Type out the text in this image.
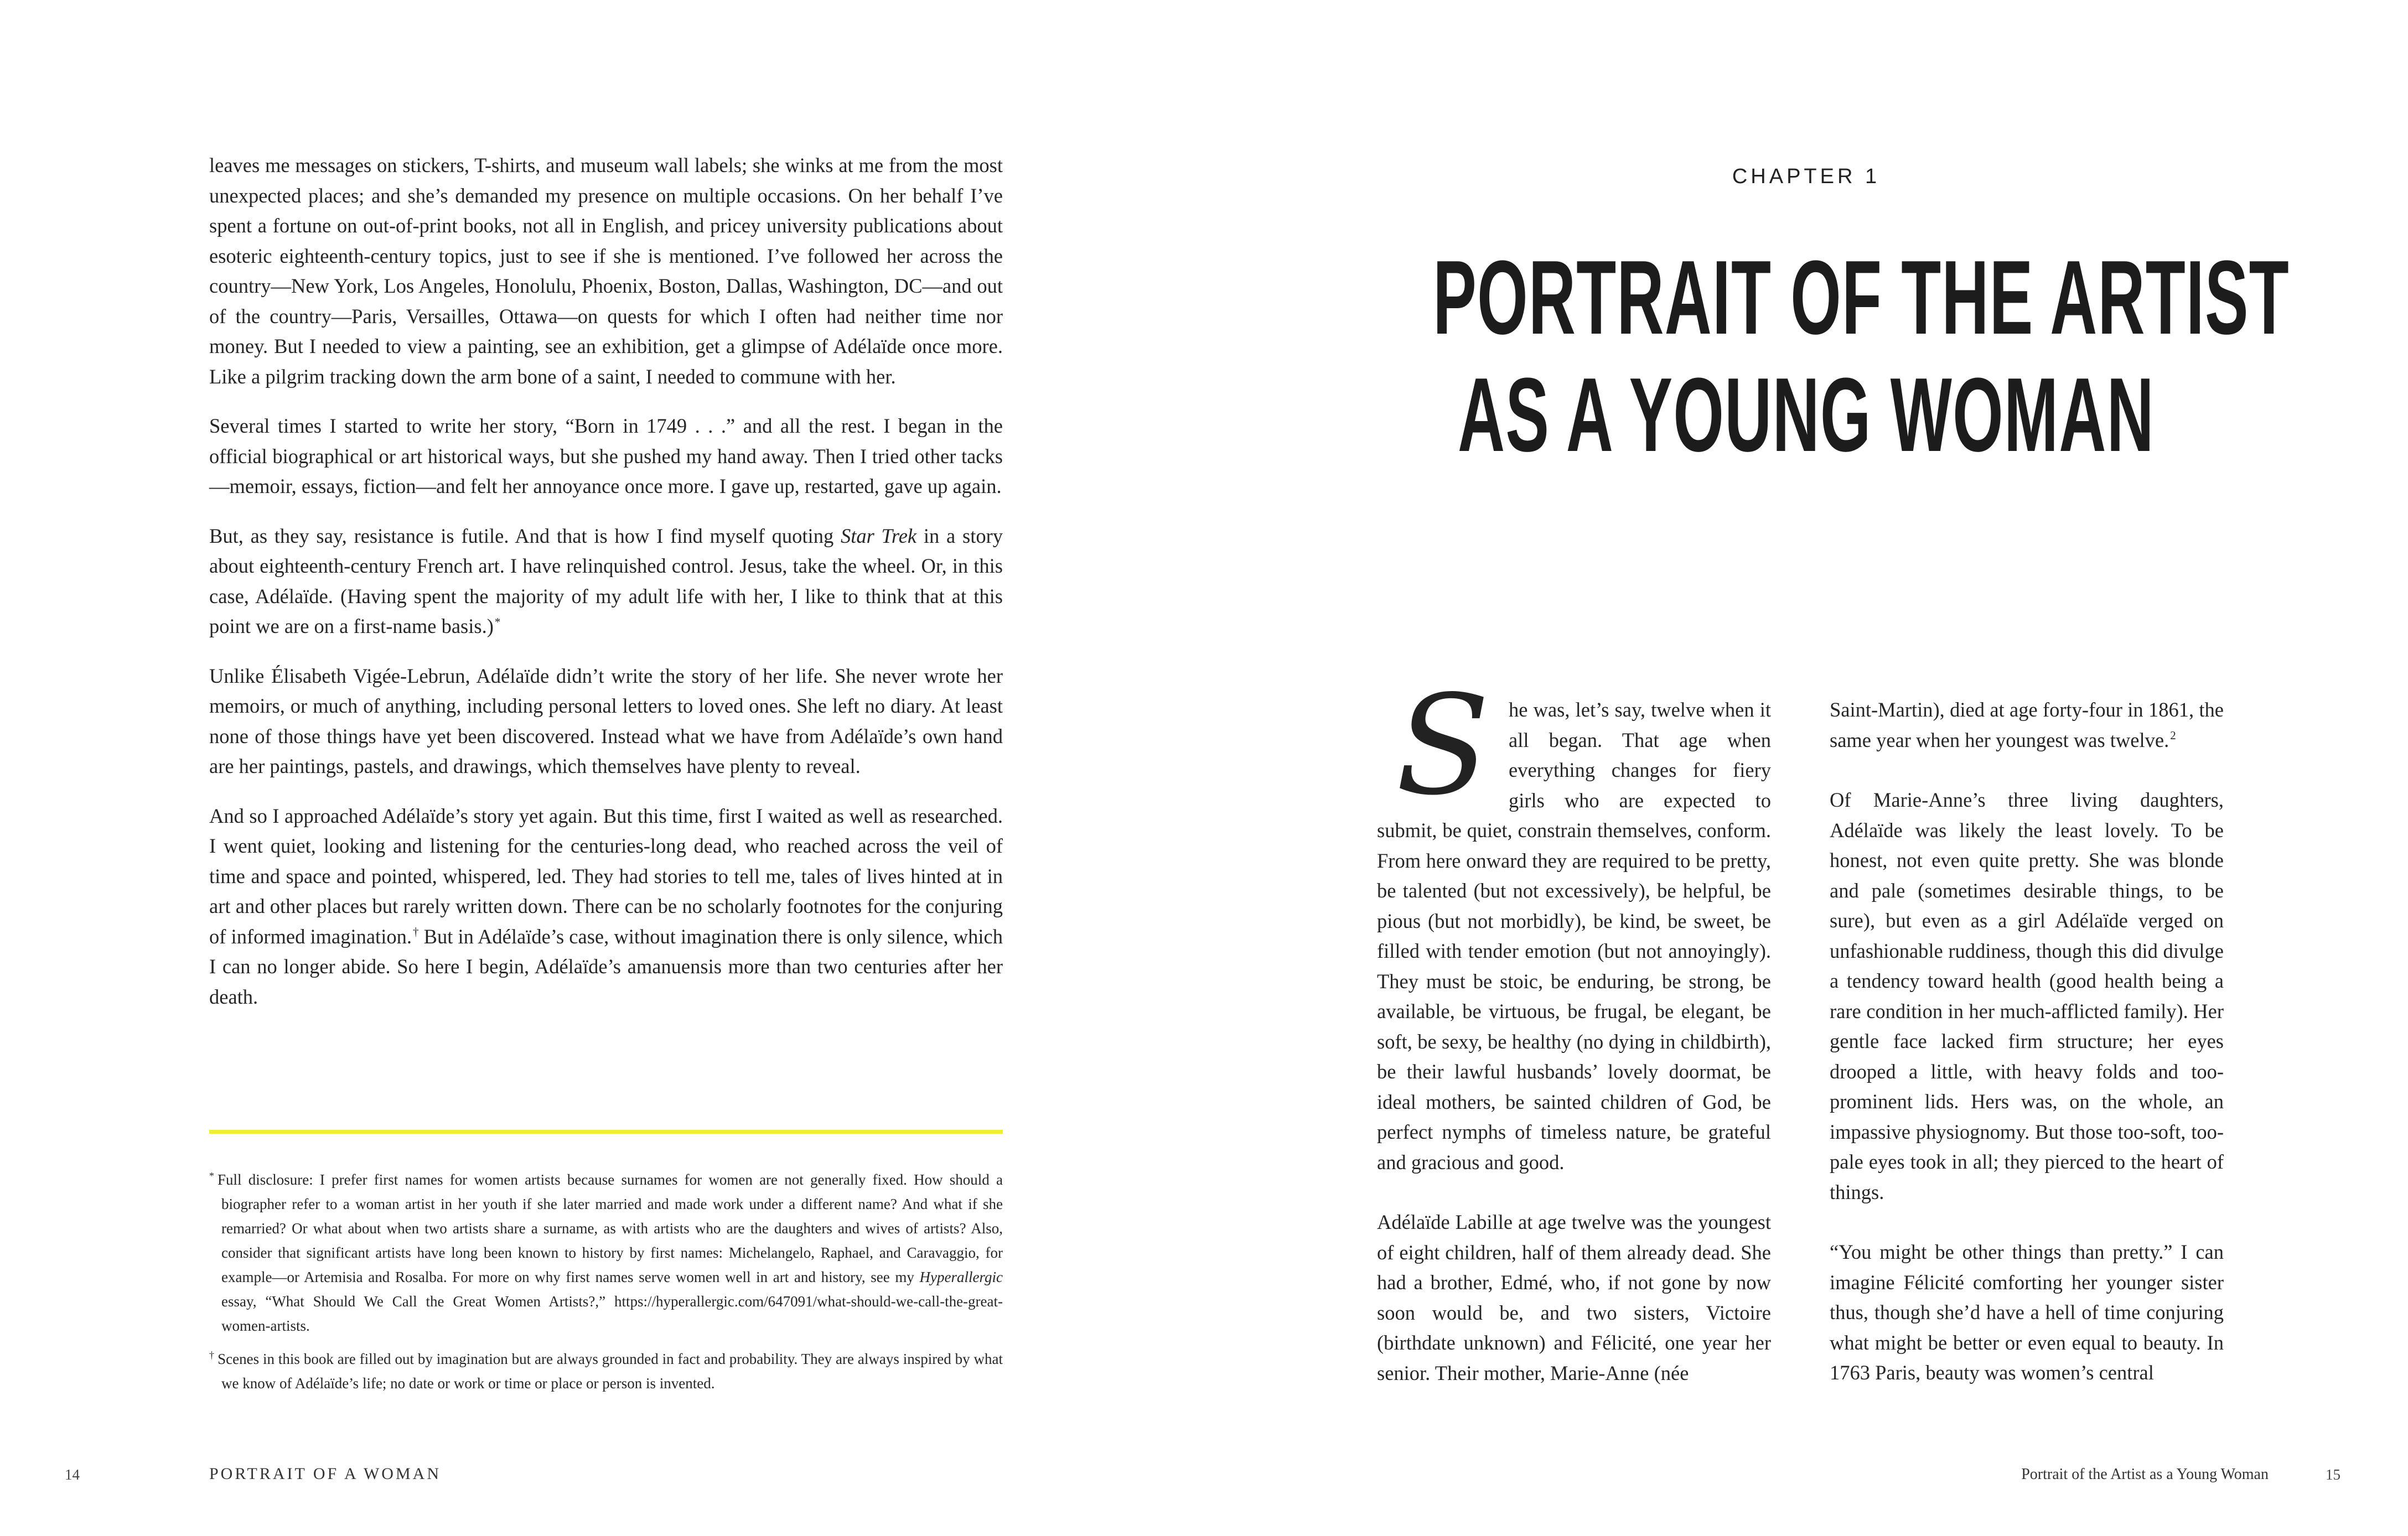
leaves me messages on stickers, T-shirts, and museum wall labels; she winks at me from the most unexpected places; and she’s demanded my presence on multiple occasions. On her behalf I’ve spent a fortune on out-of-print books, not all in English, and pricey university publications about esoteric eighteenth-century topics, just to see if she is mentioned. I’ve followed her across the country—New York, Los Angeles, Honolulu, Phoenix, Boston, Dallas, Washington, DC—and out of the country—Paris, Versailles, Ottawa—on quests for which I often had neither time nor money. But I needed to view a painting, see an exhibition, get a glimpse of Adélaïde once more. Like a pilgrim tracking down the arm bone of a saint, I needed to commune with her.

Several times I started to write her story, “Born in 1749 . . .” and all the rest. I began in the official biographical or art historical ways, but she pushed my hand away. Then I tried other tacks—memoir, essays, fiction—and felt her annoyance once more. I gave up, restarted, gave up again.

But, as they say, resistance is futile. And that is how I find myself quoting Star Trek in a story about eighteenth-century French art. I have relinquished control. Jesus, take the wheel. Or, in this case, Adélaïde. (Having spent the majority of my adult life with her, I like to think that at this point we are on a first-name basis.)*

Unlike Élisabeth Vigée-Lebrun, Adélaïde didn’t write the story of her life. She never wrote her memoirs, or much of anything, including personal letters to loved ones. She left no diary. At least none of those things have yet been discovered. Instead what we have from Adélaïde’s own hand are her paintings, pastels, and drawings, which themselves have plenty to reveal.

And so I approached Adélaïde’s story yet again. But this time, first I waited as well as researched. I went quiet, looking and listening for the centuries-long dead, who reached across the veil of time and space and pointed, whispered, led. They had stories to tell me, tales of lives hinted at in art and other places but rarely written down. There can be no scholarly footnotes for the conjuring of informed imagination.† But in Adélaïde’s case, without imagination there is only silence, which I can no longer abide. So here I begin, Adélaïde’s amanuensis more than two centuries after her death.

* Full disclosure: I prefer first names for women artists because surnames for women are not generally fixed. How should a biographer refer to a woman artist in her youth if she later married and made work under a different name? And what if she remarried? Or what about when two artists share a surname, as with artists who are the daughters and wives of artists? Also, consider that significant artists have long been known to history by first names: Michelangelo, Raphael, and Caravaggio, for example—or Artemisia and Rosalba. For more on why first names serve women well in art and history, see my Hyperallergic essay, “What Should We Call the Great Women Artists?,” https://hyperallergic.com/647091/what-should-we-call-the-great-women-artists.

† Scenes in this book are filled out by imagination but are always grounded in fact and probability. They are always inspired by what we know of Adélaïde’s life; no date or work or time or place or person is invented.

14	PORTRAIT OF A WOMAN
CHAPTER 1
PORTRAIT OF THE ARTIST
AS A YOUNG WOMAN

She was, let’s say, twelve when it all began. That age when everything changes for fiery girls who are expected to submit, be quiet, constrain themselves, conform. From here onward they are required to be pretty, be talented (but not excessively), be helpful, be pious (but not morbidly), be kind, be sweet, be filled with tender emotion (but not annoyingly). They must be stoic, be enduring, be strong, be available, be virtuous, be frugal, be elegant, be soft, be sexy, be healthy (no dying in childbirth), be their lawful husbands’ lovely doormat, be ideal mothers, be sainted children of God, be perfect nymphs of timeless nature, be grateful and gracious and good.

Adélaïde Labille at age twelve was the youngest of eight children, half of them already dead. She had a brother, Edmé, who, if not gone by now soon would be, and two sisters, Victoire (birthdate unknown) and Félicité, one year her senior. Their mother, Marie-Anne (née

Saint-Martin), died at age forty-four in 1861, the same year when her youngest was twelve.$^2$

Of Marie-Anne’s three living daughters, Adélaïde was likely the least lovely. To be honest, not even quite pretty. She was blonde and pale (sometimes desirable things, to be sure), but even as a girl Adélaïde verged on unfashionable ruddiness, though this did divulge a tendency toward health (good health being a rare condition in her much-afflicted family). Her gentle face lacked firm structure; her eyes drooped a little, with heavy folds and too-prominent lids. Hers was, on the whole, an impassive physiognomy. But those too-soft, too-pale eyes took in all; they pierced to the heart of things.

“You might be other things than pretty.” I can imagine Félicité comforting her younger sister thus, though she’d have a hell of time conjuring what might be better or even equal to beauty. In 1763 Paris, beauty was women’s central

Portrait of the Artist as a Young Woman	15
